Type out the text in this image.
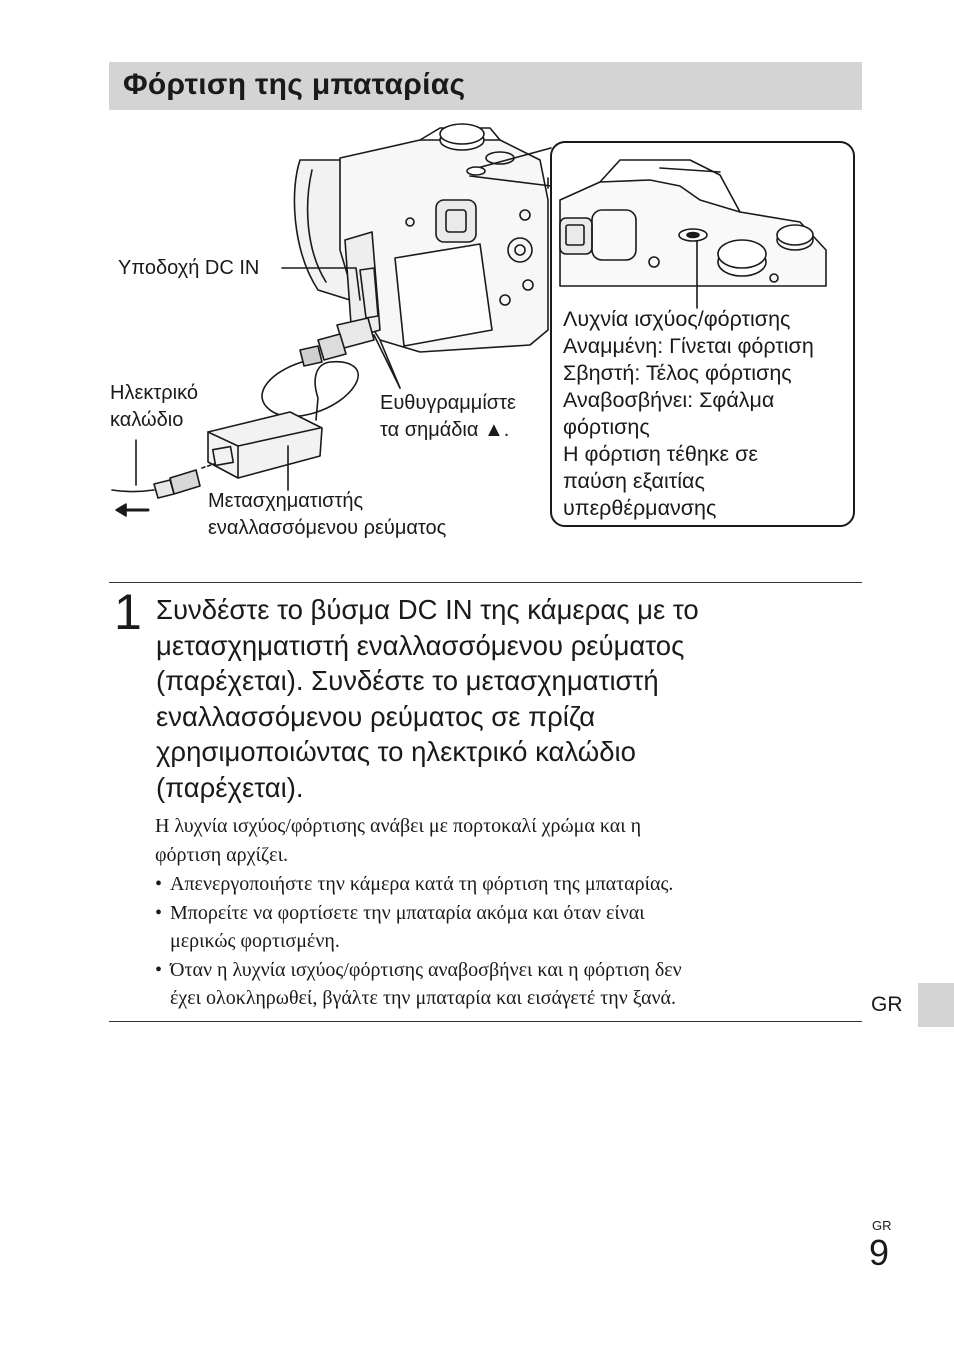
Φόρτιση της μπαταρίας
Υποδοχή DC IN
Ηλεκτρικό
καλώδιο
Ευθυγραμμίστε
τα σημάδια ▲.
Μετασχηματιστής
εναλλασσόμενου ρεύματος
Λυχνία ισχύος/φόρτισης
Αναμμένη: Γίνεται φόρτιση
Σβηστή: Τέλος φόρτισης
Αναβοσβήνει: Σφάλμα
φόρτισης
Η φόρτιση τέθηκε σε
παύση εξαιτίας
υπερθέρμανσης
1 Συνδέστε το βύσμα DC IN της κάμερας με το
μετασχηματιστή εναλλασσόμενου ρεύματος
(παρέχεται). Συνδέστε το μετασχηματιστή
εναλλασσόμενου ρεύματος σε πρίζα
χρησιμοποιώντας το ηλεκτρικό καλώδιο
(παρέχεται).

Η λυχνία ισχύος/φόρτισης ανάβει με πορτοκαλί χρώμα και η
φόρτιση αρχίζει.

• Απενεργοποιήστε την κάμερα κατά τη φόρτιση της μπαταρίας.
• Μπορείτε να φορτίσετε την μπαταρία ακόμα και όταν είναι
μερικώς φορτισμένη.
• Όταν η λυχνία ισχύος/φόρτισης αναβοσβήνει και η φόρτιση δεν
έχει ολοκληρωθεί, βγάλτε την μπαταρία και εισάγετέ την ξανά.	GR
GR
9
